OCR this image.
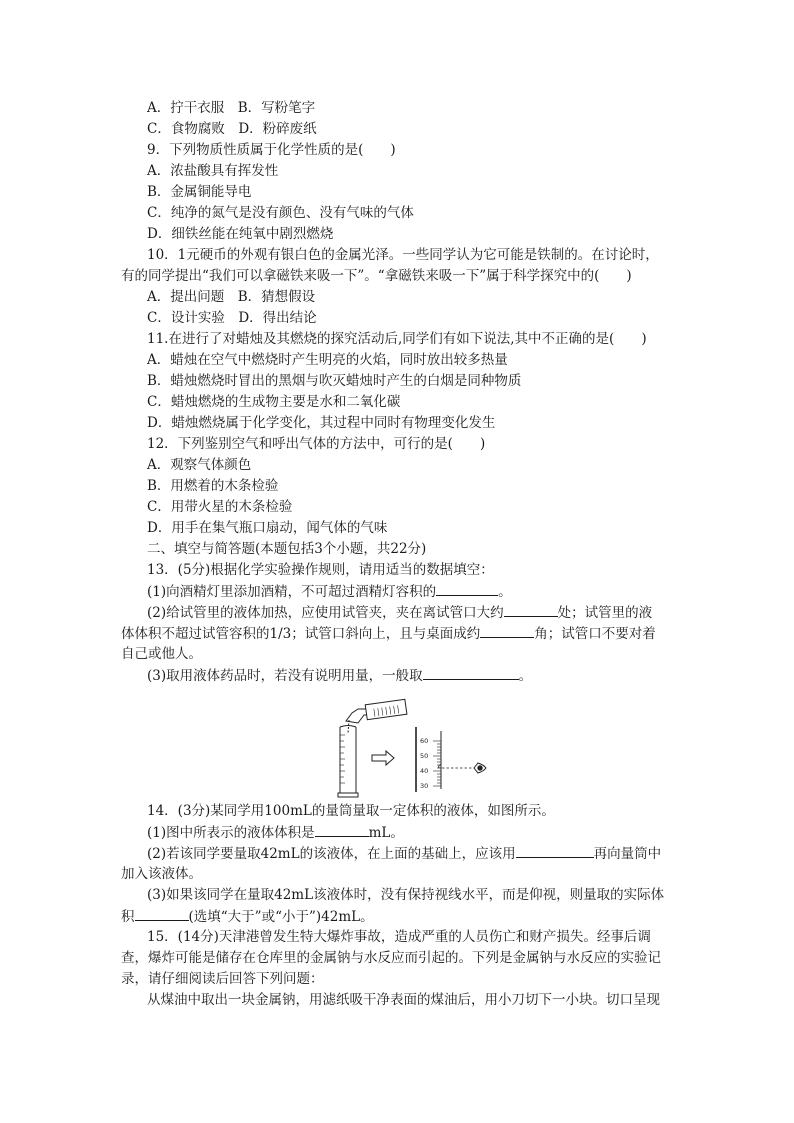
A．拧干衣服　B．写粉笔字
C．食物腐败　D．粉碎废纸
9．下列物质性质属于化学性质的是(　　)
A．浓盐酸具有挥发性
B．金属铜能导电
C．纯净的氮气是没有颜色、没有气味的气体
D．细铁丝能在纯氧中剧烈燃烧
10．1元硬币的外观有银白色的金属光泽。一些同学认为它可能是铁制的。在讨论时，
有的同学提出“我们可以拿磁铁来吸一下”。“拿磁铁来吸一下”属于科学探究中的(　　)
A．提出问题　B．猜想假设
C．设计实验　D．得出结论
11.在进行了对蜡烛及其燃烧的探究活动后,同学们有如下说法,其中不正确的是(　　)
A．蜡烛在空气中燃烧时产生明亮的火焰，同时放出较多热量
B．蜡烛燃烧时冒出的黑烟与吹灭蜡烛时产生的白烟是同种物质
C．蜡烛燃烧的生成物主要是水和二氧化碳
D．蜡烛燃烧属于化学变化，其过程中同时有物理变化发生
12．下列鉴别空气和呼出气体的方法中，可行的是(　　)
A．观察气体颜色
B．用燃着的木条检验
C．用带火星的木条检验
D．用手在集气瓶口扇动，闻气体的气味
二、填空与简答题(本题包括3个小题，共22分)
13．(5分)根据化学实验操作规则，请用适当的数据填空：
(1)向酒精灯里添加酒精，不可超过酒精灯容积的	。
(2)给试管里的液体加热，应使用试管夹，夹在离试管口大约	处；试管里的液
体体积不超过试管容积的1/3；试管口斜向上，且与桌面成约	角；试管口不要对着
自己或他人。
(3)取用液体药品时，若没有说明用量，一般取	。
60
50
40
30
14．(3分)某同学用100mL的量筒量取一定体积的液体，如图所示。
(1)图中所表示的液体体积是	mL。
(2)若该同学要量取42mL的该液体，在上面的基础上，应该用	再向量筒中
加入该液体。
(3)如果该同学在量取42mL该液体时，没有保持视线水平，而是仰视，则量取的实际体
积	(选填“大于”或“小于”)42mL。
15．(14分)天津港曾发生特大爆炸事故，造成严重的人员伤亡和财产损失。经事后调
查，爆炸可能是储存在仓库里的金属钠与水反应而引起的。下列是金属钠与水反应的实验记
录，请仔细阅读后回答下列问题：
从煤油中取出一块金属钠，用滤纸吸干净表面的煤油后，用小刀切下一小块。切口呈现
